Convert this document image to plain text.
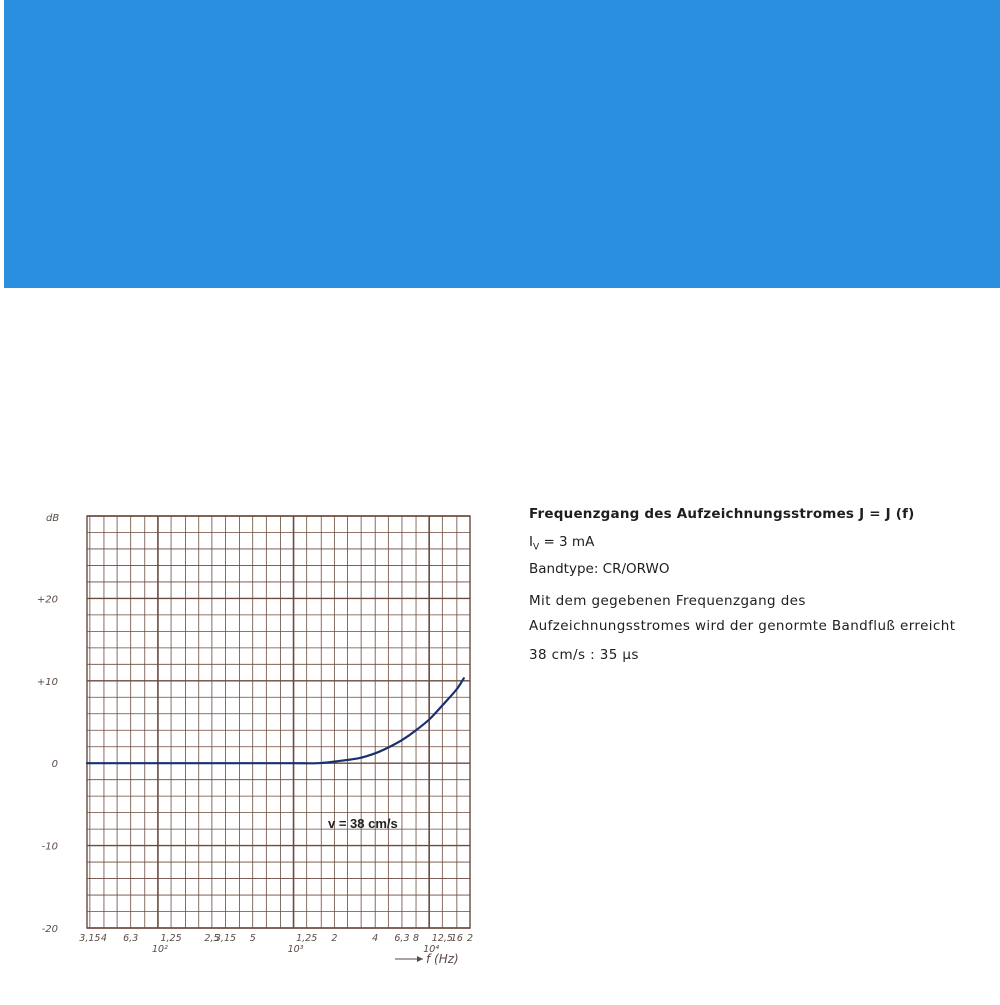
dB
f (Hz)
v = 38 cm/s
+20
+10
0
-10
-20
3,15 4 6,3 1,25 2,5
3,15 5	1,25 2	4 6,3 8 12,5
16 2
10²	10³	10⁴

Frequenzgang des Aufzeichnungsstromes J = J (f)

$I_V = 3$ mA

Bandtype: CR/ORWO

Mit dem gegebenen Frequenzgang des Aufzeichnungsstromes wird der genormte Bandfluß erreicht

38 cm/s : 35 µs
